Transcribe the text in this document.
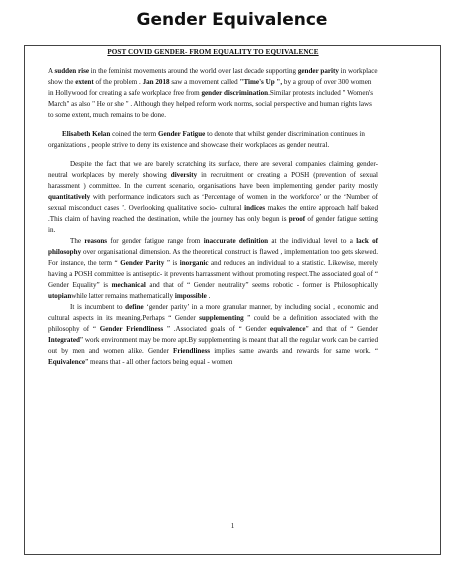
Gender Equivalence
1
POST COVID GENDER- FROM EQUALITY TO EQUIVALENCE

A sudden rise in the feminist movements around the world over last decade supporting gender parity in workplace show the extent of the problem . Jan 2018 saw a movement called "Time's Up ", by a group of over 300 women in Hollywood for creating a safe workplace free from gender discrimination.Similar protests included " Women's March" as also " He or she " . Although they helped reform work norms, social perspective and human rights laws to some extent, much remains to be done.

Elisabeth Kelan coined the term Gender Fatigue to denote that whilst gender discrimination continues in organizations , people strive to deny its existence and showcase their workplaces as gender neutral.

Despite the fact that we are barely scratching its surface, there are several companies claiming gender-neutral workplaces by merely showing diversity in recruitment or creating a POSH (prevention of sexual harassment ) committee. In the current scenario, organisations have been implementing gender parity mostly quantitatively with performance indicators such as ‘Percentage of women in the workforce’ or the ‘Number of sexual misconduct cases ’. Overlooking qualitative socio- cultural indices makes the entire approach half baked .This claim of having reached the destination, while the journey has only begun is proof of gender fatigue setting in.

The reasons for gender fatigue range from inaccurate definition at the individual level to a lack of philosophy over organisational dimension. As the theoretical construct is flawed , implementation too gets skewed. For instance, the term “ Gender Parity ” is inorganic and reduces an individual to a statistic. Likewise, merely having a POSH committee is antiseptic- it prevents harrassment without promoting respect.The associated goal of “ Gender Equality” is mechanical and that of “ Gender neutrality” seems robotic - former is Philosophically utopianwhile latter remains mathematically impossible .

It is incumbent to define ‘gender parity’ in a more granular manner, by including social , economic and cultural aspects in its meaning.Perhaps “ Gender supplementing ” could be a definition associated with the philosophy of “ Gender Friendliness ” .Associated goals of “ Gender equivalence” and that of “ Gender Integrated” work environment may be more apt.By supplementing is meant that all the regular work can be carried out by men and women alike. Gender Friendliness implies same awards and rewards for same work. “ Equivalence” means that - all other factors being equal - women
